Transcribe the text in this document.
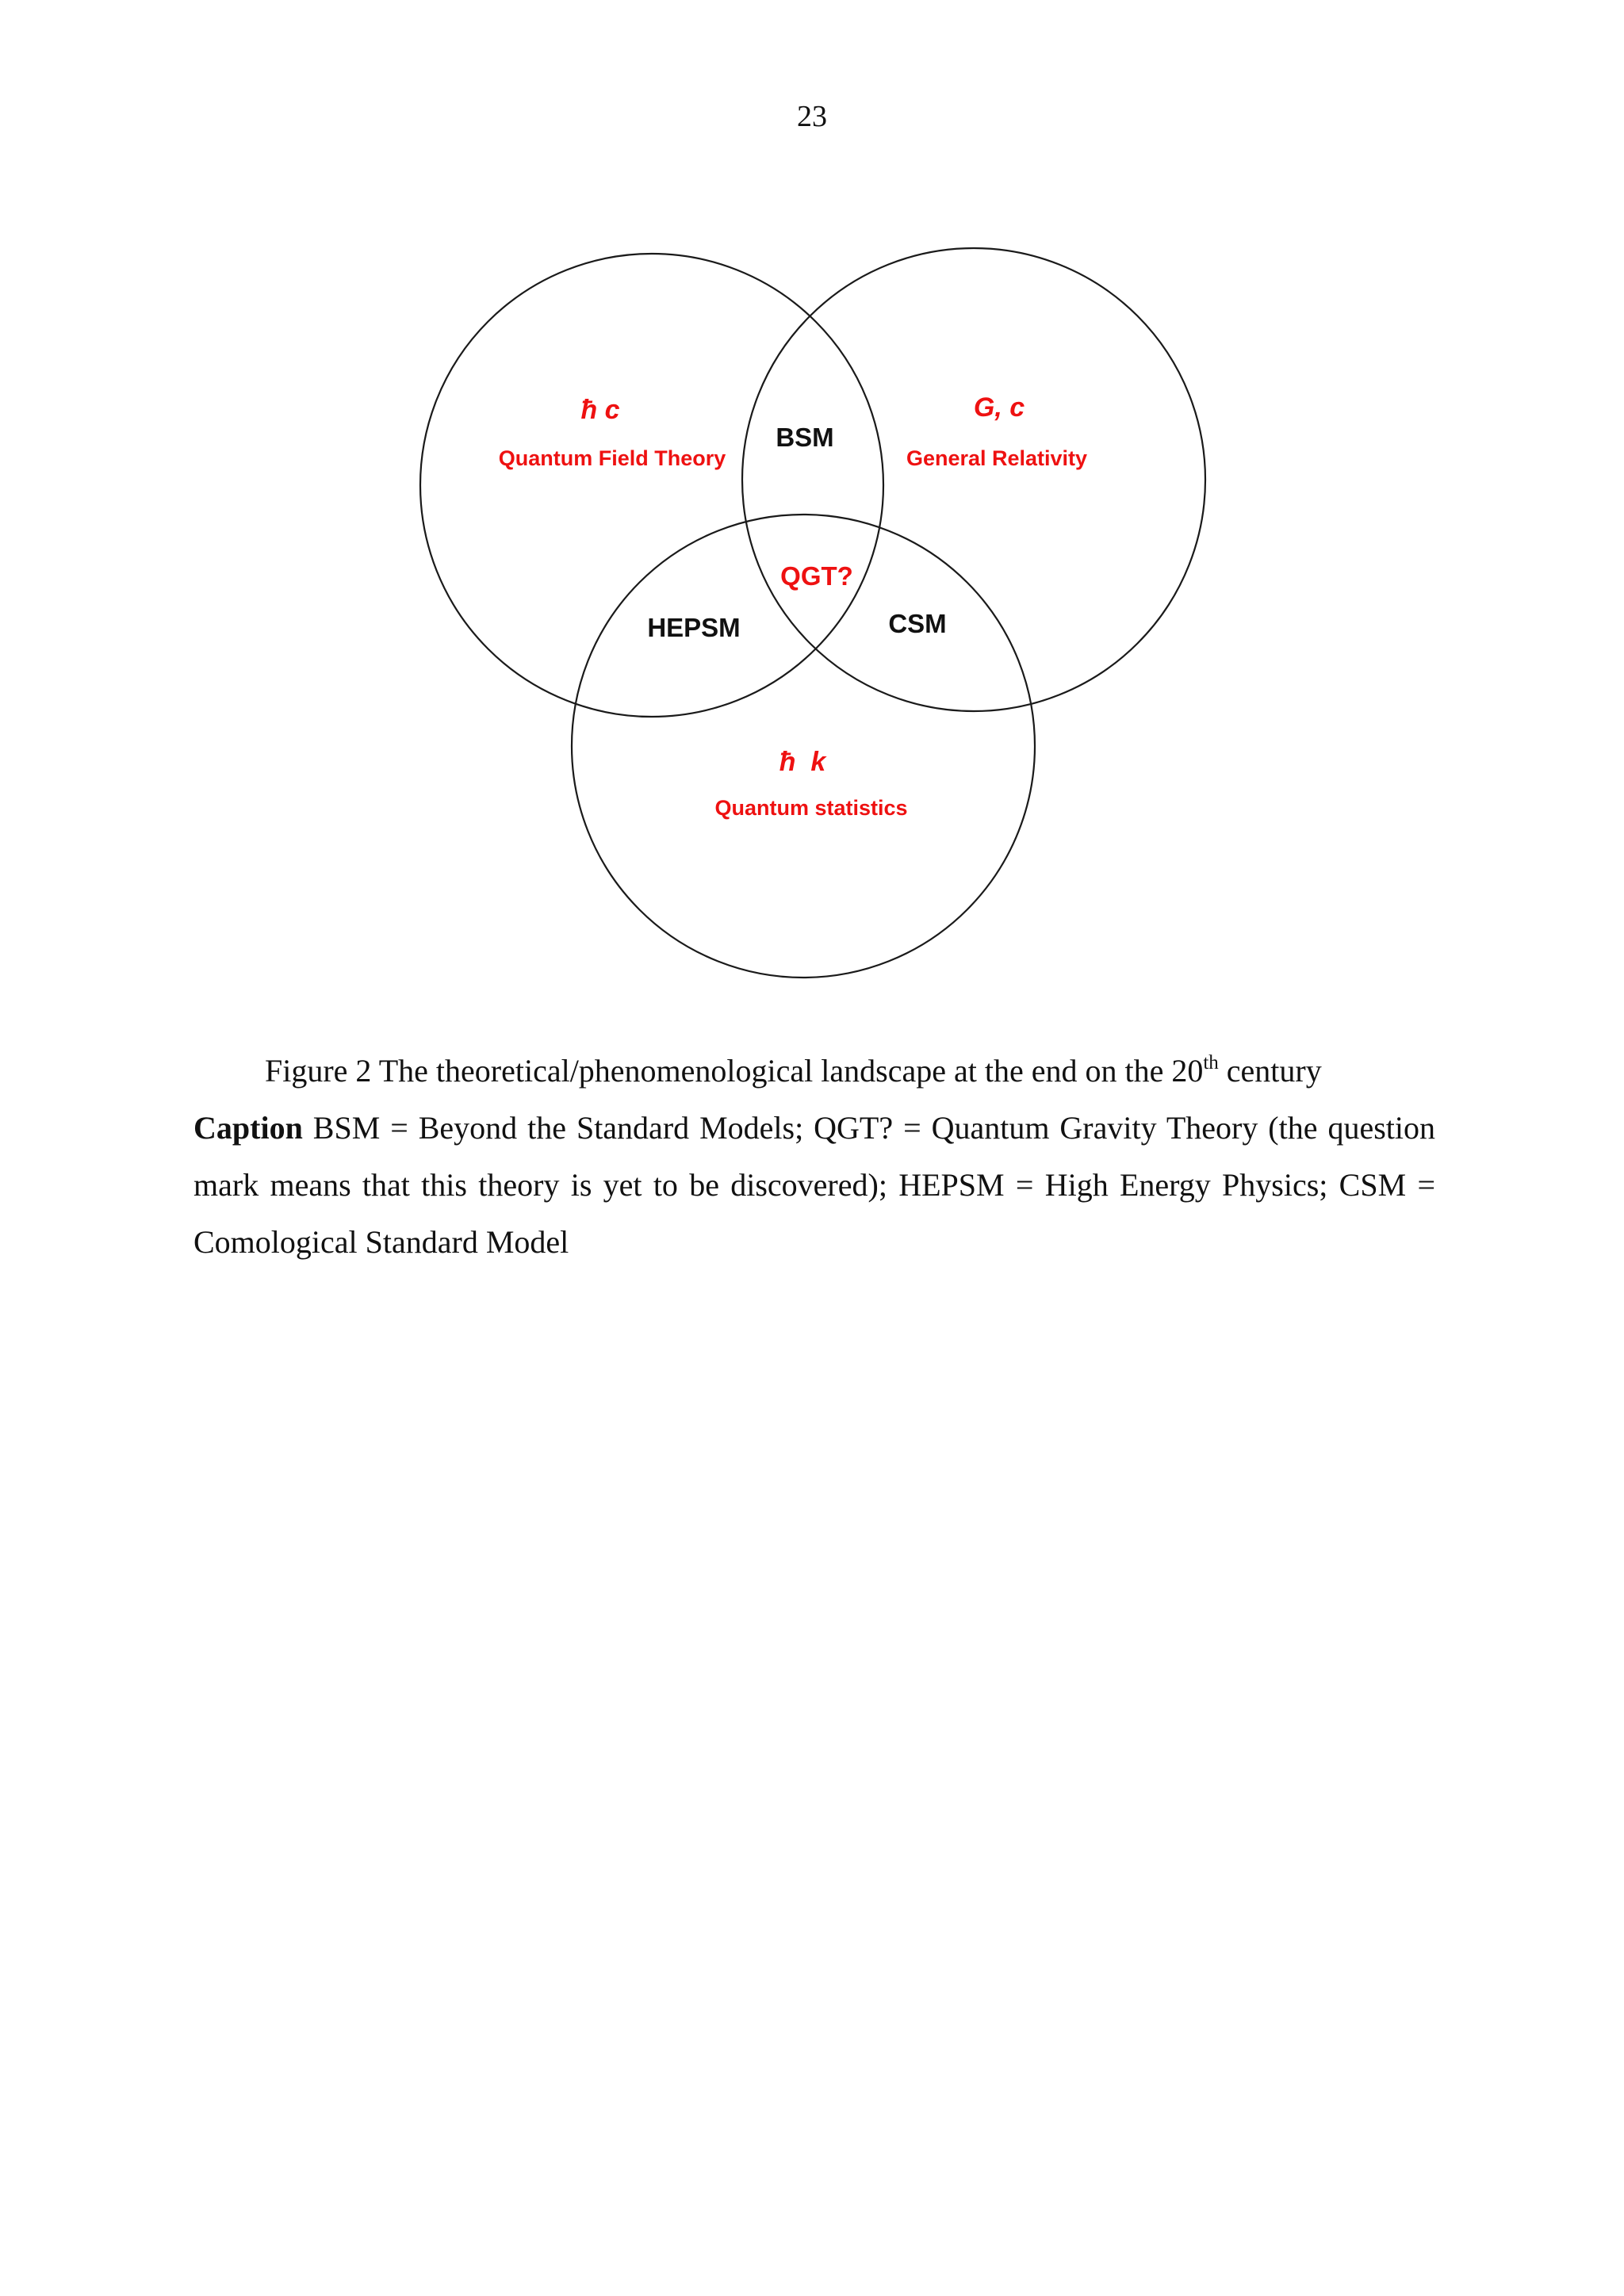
23
ħ c
Quantum Field Theory
G, c
General Relativity
ħ  k
Quantum statistics
BSM
QGT?
HEPSM	CSM

Figure 2 The theoretical/phenomenological landscape at the end on the 20th century

Caption BSM = Beyond the Standard Models; QGT? = Quantum Gravity Theory (the question mark means that this theory is yet to be discovered); HEPSM = High Energy Physics; CSM = Comological Standard Model
